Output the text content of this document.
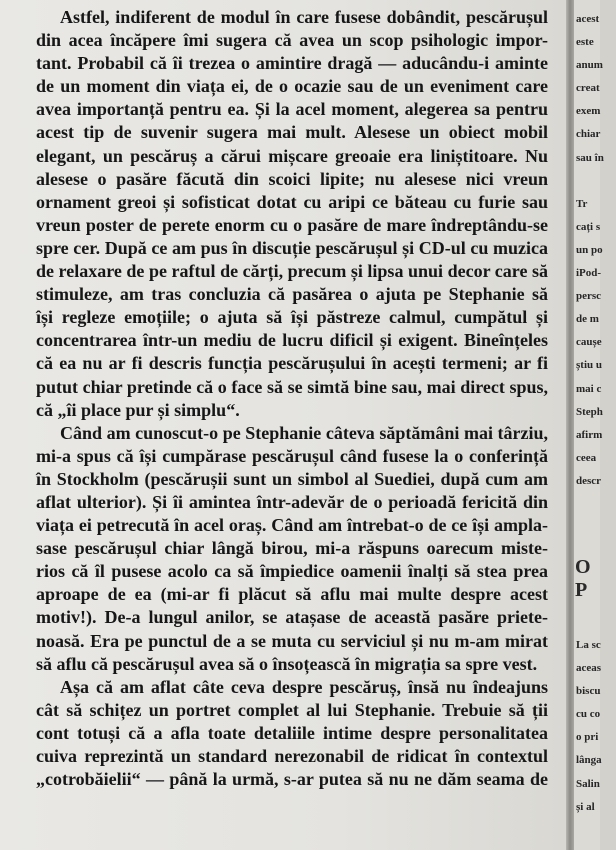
Astfel, indiferent de modul în care fusese dobândit, pescărușul
din acea încăpere îmi sugera că avea un scop psihologic impor-
tant. Probabil că îi trezea o amintire dragă — aducându-i aminte
de un moment din viața ei, de o ocazie sau de un eveniment care
avea importanță pentru ea. Și la acel moment, alegerea sa pentru
acest tip de suvenir sugera mai mult. Alesese un obiect mobil
elegant, un pescăruș a cărui mișcare greoaie era liniștitoare. Nu
alesese o pasăre făcută din scoici lipite; nu alesese nici vreun
ornament greoi și sofisticat dotat cu aripi ce băteau cu furie sau
vreun poster de perete enorm cu o pasăre de mare îndreptându-se
spre cer. După ce am pus în discuție pescărușul și CD-ul cu muzica
de relaxare de pe raftul de cărți, precum și lipsa unui decor care să
stimuleze, am tras concluzia că pasărea o ajuta pe Stephanie să
își regleze emoțiile; o ajuta să își păstreze calmul, cumpătul și
concentrarea într-un mediu de lucru dificil și exigent. Bineînțeles
că ea nu ar fi descris funcția pescărușului în acești termeni; ar fi
putut chiar pretinde că o face să se simtă bine sau, mai direct spus,
că „îi place pur și simplu“.
Când am cunoscut-o pe Stephanie câteva săptămâni mai târziu,
mi-a spus că își cumpărase pescărușul când fusese la o conferință
în Stockholm (pescărușii sunt un simbol al Suediei, după cum am
aflat ulterior). Și îi amintea într-adevăr de o perioadă fericită din
viața ei petrecută în acel oraș. Când am întrebat-o de ce își ampla-
sase pescărușul chiar lângă birou, mi-a răspuns oarecum miste-
rios că îl pusese acolo ca să împiedice oamenii înalți să stea prea
aproape de ea (mi-ar fi plăcut să aflu mai multe despre acest
motiv!). De-a lungul anilor, se atașase de această pasăre priete-
noasă. Era pe punctul de a se muta cu serviciul și nu m-am mirat
să aflu că pescărușul avea să o însoțească în migrația sa spre vest.
Așa că am aflat câte ceva despre pescăruș, însă nu îndeajuns
cât să schițez un portret complet al lui Stephanie. Trebuie să ții
cont totuși că a afla toate detaliile intime despre personalitatea
cuiva reprezintă un standard nerezonabil de ridicat în contextul
„cotrobăielii“ — până la urmă, s-ar putea să nu ne dăm seama de
acest
este
anum
creat
exem
chiar
sau în
Tr
cați s
un po
iPod-
persc
de m
caușe
știu u
mai c
Steph
afirm
ceea
descr
O P
La sc
aceas
biscu
cu co
o pri
lânga
Salin
și al
